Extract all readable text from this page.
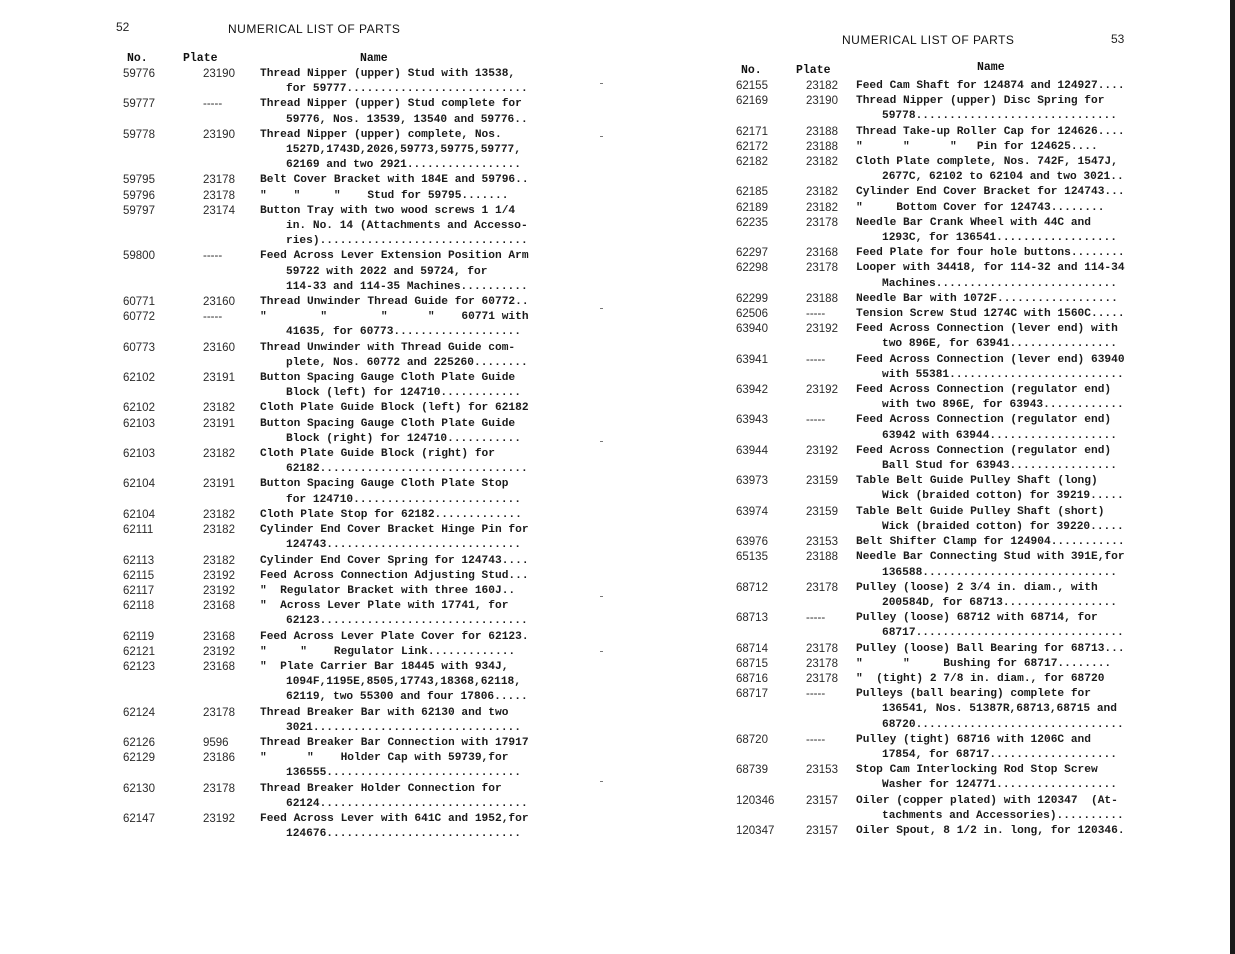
52	NUMERICAL LIST OF PARTS
No.	Plate	Name
59776	23190	Thread Nipper (upper) Stud with 13538,
for 59777...........................
59777	-----	Thread Nipper (upper) Stud complete for
59776, Nos. 13539, 13540 and 59776..
59778	23190	Thread Nipper (upper) complete, Nos.
1527D,1743D,2026,59773,59775,59777,
62169 and two 2921.................
59795	23178	Belt Cover Bracket with 184E and 59796..
59796	23178	"    "     "    Stud for 59795.......
59797	23174	Button Tray with two wood screws 1 1/4
in. No. 14 (Attachments and Accesso-
ries)...............................
59800	-----	Feed Across Lever Extension Position Arm
59722 with 2022 and 59724, for
114-33 and 114-35 Machines..........
60771	23160	Thread Unwinder Thread Guide for 60772..
60772	-----	"        "        "      "    60771 with
41635, for 60773...................
60773	23160	Thread Unwinder with Thread Guide com-
plete, Nos. 60772 and 225260........
62102	23191	Button Spacing Gauge Cloth Plate Guide
Block (left) for 124710............
62102	23182	Cloth Plate Guide Block (left) for 62182
62103	23191	Button Spacing Gauge Cloth Plate Guide
Block (right) for 124710...........
62103	23182	Cloth Plate Guide Block (right) for
62182...............................
62104	23191	Button Spacing Gauge Cloth Plate Stop
for 124710.........................
62104	23182	Cloth Plate Stop for 62182.............
62111	23182	Cylinder End Cover Bracket Hinge Pin for
124743.............................
62113	23182	Cylinder End Cover Spring for 124743....
62115	23192	Feed Across Connection Adjusting Stud...
62117	23192	"  Regulator Bracket with three 160J..
62118	23168	"  Across Lever Plate with 17741, for
62123...............................
62119	23168	Feed Across Lever Plate Cover for 62123.
62121	23192	"     "    Regulator Link.............
62123	23168	"  Plate Carrier Bar 18445 with 934J,
1094F,1195E,8505,17743,18368,62118,
62119, two 55300 and four 17806.....
62124	23178	Thread Breaker Bar with 62130 and two
3021...............................
62126	9596	Thread Breaker Bar Connection with 17917
62129	23186	"      "    Holder Cap with 59739,for
136555.............................
62130	23178	Thread Breaker Holder Connection for
62124...............................
62147	23192	Feed Across Lever with 641C and 1952,for
124676.............................
NUMERICAL LIST OF PARTS	53
No.	Plate	Name
62155	23182	Feed Cam Shaft for 124874 and 124927....
62169	23190	Thread Nipper (upper) Disc Spring for
59778..............................
62171	23188	Thread Take-up Roller Cap for 124626....
62172	23188	"      "      "   Pin for 124625....
62182	23182	Cloth Plate complete, Nos. 742F, 1547J,
2677C, 62102 to 62104 and two 3021..
62185	23182	Cylinder End Cover Bracket for 124743...
62189	23182	"     Bottom Cover for 124743........
62235	23178	Needle Bar Crank Wheel with 44C and
1293C, for 136541..................
62297	23168	Feed Plate for four hole buttons........
62298	23178	Looper with 34418, for 114-32 and 114-34
Machines...........................
62299	23188	Needle Bar with 1072F..................
62506	-----	Tension Screw Stud 1274C with 1560C.....
63940	23192	Feed Across Connection (lever end) with
two 896E, for 63941................
63941	-----	Feed Across Connection (lever end) 63940
with 55381..........................
63942	23192	Feed Across Connection (regulator end)
with two 896E, for 63943............
63943	-----	Feed Across Connection (regulator end)
63942 with 63944...................
63944	23192	Feed Across Connection (regulator end)
Ball Stud for 63943................
63973	23159	Table Belt Guide Pulley Shaft (long)
Wick (braided cotton) for 39219.....
63974	23159	Table Belt Guide Pulley Shaft (short)
Wick (braided cotton) for 39220.....
63976	23153	Belt Shifter Clamp for 124904...........
65135	23188	Needle Bar Connecting Stud with 391E,for
136588.............................
68712	23178	Pulley (loose) 2 3/4 in. diam., with
200584D, for 68713.................
68713	-----	Pulley (loose) 68712 with 68714, for
68717...............................
68714	23178	Pulley (loose) Ball Bearing for 68713...
68715	23178	"      "     Bushing for 68717........
68716	23178	"  (tight) 2 7/8 in. diam., for 68720
68717	-----	Pulleys (ball bearing) complete for
136541, Nos. 51387R,68713,68715 and
68720...............................
68720	-----	Pulley (tight) 68716 with 1206C and
17854, for 68717...................
68739	23153	Stop Cam Interlocking Rod Stop Screw
Washer for 124771..................
120346	23157	Oiler (copper plated) with 120347  (At-
tachments and Accessories)..........
120347	23157	Oiler Spout, 8 1/2 in. long, for 120346.
